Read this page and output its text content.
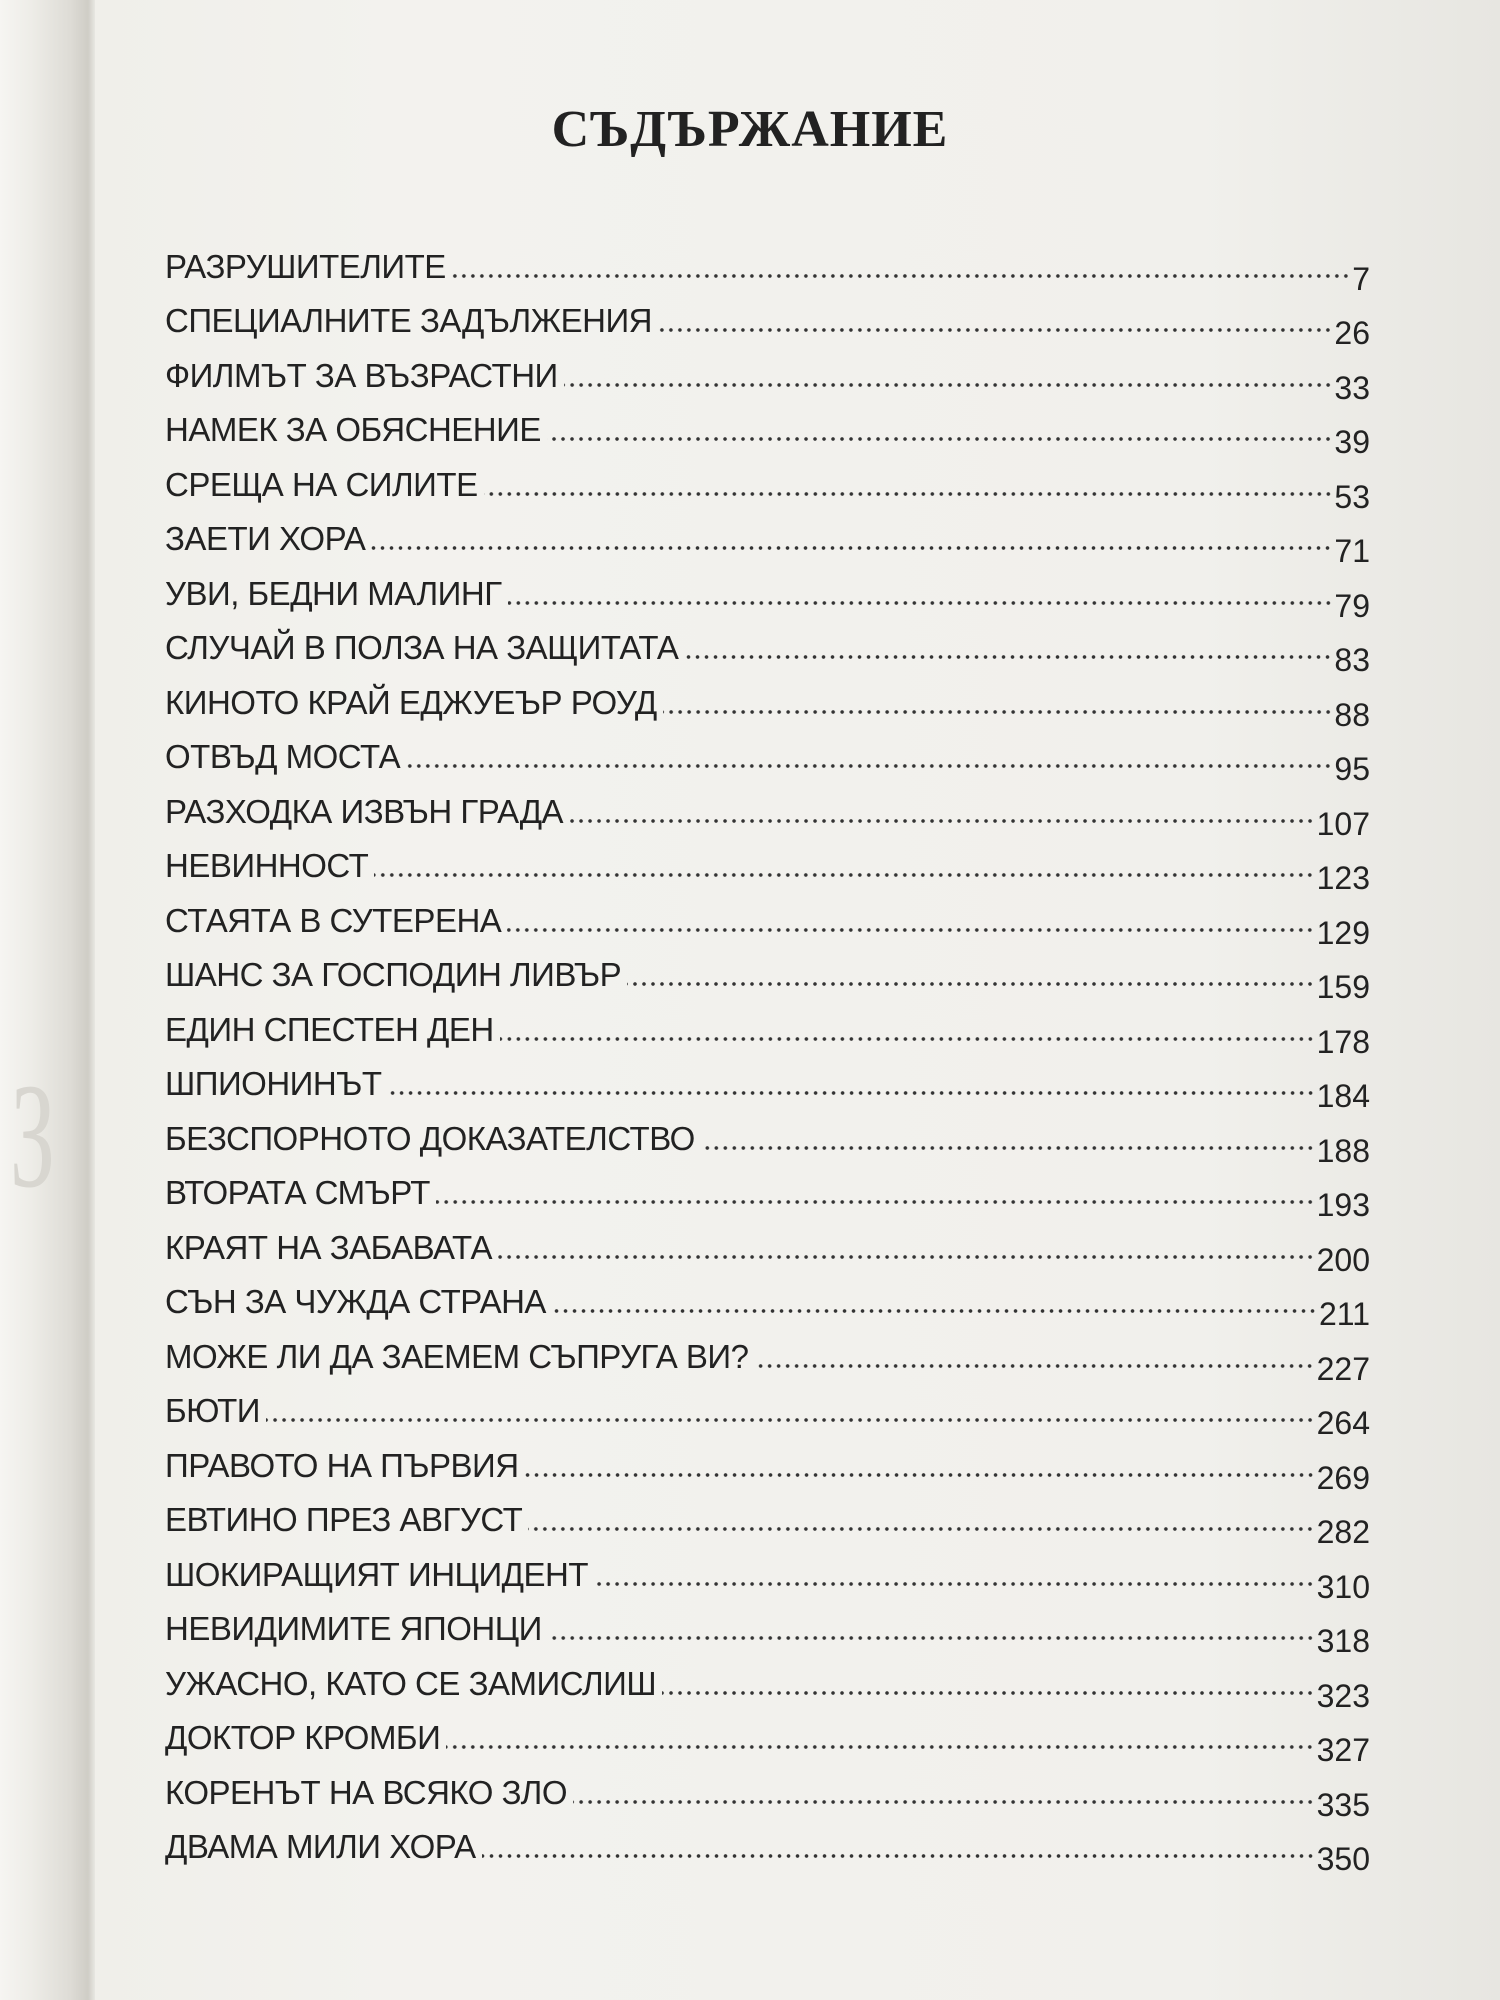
З
СЪДЪРЖАНИЕ
РАЗРУШИТЕЛИТЕ	7
СПЕЦИАЛНИТЕ ЗАДЪЛЖЕНИЯ	26
ФИЛМЪТ ЗА ВЪЗРАСТНИ	33
НАМЕК ЗА ОБЯСНЕНИЕ	39
СРЕЩА НА СИЛИТЕ	53
ЗАЕТИ ХОРА	71
УВИ, БЕДНИ МАЛИНГ	79
СЛУЧАЙ В ПОЛЗА НА ЗАЩИТАТА	83
КИНОТО КРАЙ ЕДЖУЕЪР РОУД	88
ОТВЪД МОСТА	95
РАЗХОДКА ИЗВЪН ГРАДА	107
НЕВИННОСТ	123
СТАЯТА В СУТЕРЕНА	129
ШАНС ЗА ГОСПОДИН ЛИВЪР	159
ЕДИН СПЕСТЕН ДЕН	178
ШПИОНИНЪТ	184
БЕЗСПОРНОТО ДОКАЗАТЕЛСТВО	188
ВТОРАТА СМЪРТ	193
КРАЯТ НА ЗАБАВАТА	200
СЪН ЗА ЧУЖДА СТРАНА	211
МОЖЕ ЛИ ДА ЗАЕМЕМ СЪПРУГА ВИ?	227
БЮТИ	264
ПРАВОТО НА ПЪРВИЯ	269
ЕВТИНО ПРЕЗ АВГУСТ	282
ШОКИРАЩИЯТ ИНЦИДЕНТ	310
НЕВИДИМИТЕ ЯПОНЦИ	318
УЖАСНО, КАТО СЕ ЗАМИСЛИШ	323
ДОКТОР КРОМБИ	327
КОРЕНЪТ НА ВСЯКО ЗЛО	335
ДВАМА МИЛИ ХОРА	350
